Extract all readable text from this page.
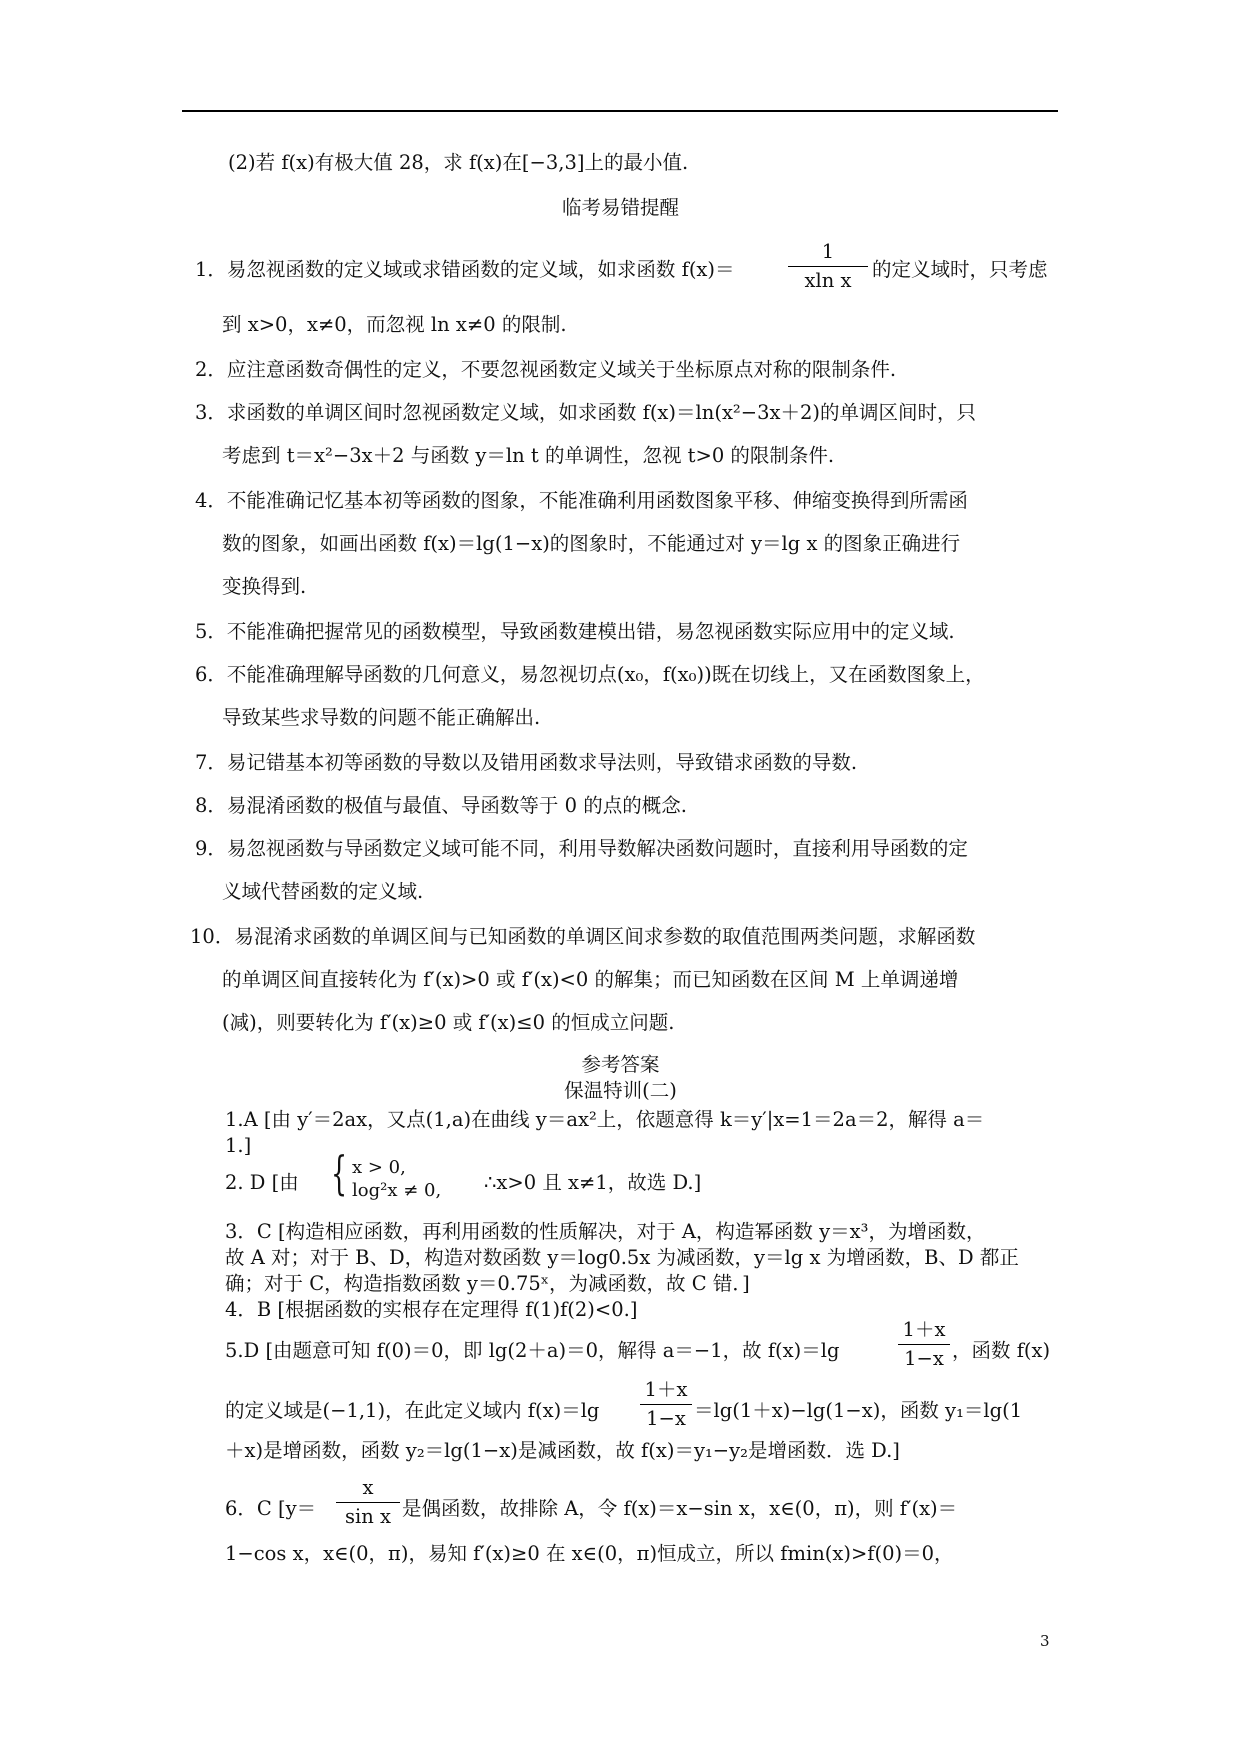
(2)若 f(x)有极大值 28，求 f(x)在[−3,3]上的最小值.
临考易错提醒
1．易忽视函数的定义域或求错函数的定义域，如求函数 f(x)＝
1
xln x	的定义域时，只考虑
到 x>0，x≠0，而忽视 ln x≠0 的限制.
2．应注意函数奇偶性的定义，不要忽视函数定义域关于坐标原点对称的限制条件.
3．求函数的单调区间时忽视函数定义域，如求函数 f(x)＝ln(x²−3x＋2)的单调区间时，只
考虑到 t＝x²−3x＋2 与函数 y＝ln t 的单调性，忽视 t>0 的限制条件.
4．不能准确记忆基本初等函数的图象，不能准确利用函数图象平移、伸缩变换得到所需函
数的图象，如画出函数 f(x)＝lg(1−x)的图象时，不能通过对 y＝lg x 的图象正确进行
变换得到.
5．不能准确把握常见的函数模型，导致函数建模出错，易忽视函数实际应用中的定义域.
6．不能准确理解导函数的几何意义，易忽视切点(x₀，f(x₀))既在切线上，又在函数图象上，
导致某些求导数的问题不能正确解出.
7．易记错基本初等函数的导数以及错用函数求导法则，导致错求函数的导数.
8．易混淆函数的极值与最值、导函数等于 0 的点的概念.
9．易忽视函数与导函数定义域可能不同，利用导数解决函数问题时，直接利用导函数的定
义域代替函数的定义域.
10．易混淆求函数的单调区间与已知函数的单调区间求参数的取值范围两类问题，求解函数
的单调区间直接转化为 f′(x)>0 或 f′(x)<0 的解集；而已知函数在区间 M 上单调递增
(减)，则要转化为 f′(x)≥0 或 f′(x)≤0 的恒成立问题.
参考答案
保温特训(二)
1.A [由 y′＝2ax，又点(1,a)在曲线 y＝ax²上，依题意得 k＝y′|x=1＝2a＝2，解得 a＝
1.]
2. D [由 { x > 0,
log²x ≠ 0, ∴x>0 且 x≠1，故选 D.]
3．C [构造相应函数，再利用函数的性质解决，对于 A，构造幂函数 y＝x³，为增函数，
故 A 对；对于 B、D，构造对数函数 y＝log0.5x 为减函数，y＝lg x 为增函数，B、D 都正
确；对于 C，构造指数函数 y＝0.75ˣ，为减函数，故 C 错．]
4．B [根据函数的实根存在定理得 f(1)f(2)<0.]
5.D [由题意可知 f(0)＝0，即 lg(2＋a)＝0，解得 a＝−1，故 f(x)＝lg
1＋x
1−x ，函数 f(x)
的定义域是(−1,1)，在此定义域内 f(x)＝lg
1＋x
1−x ＝lg(1＋x)−lg(1−x)，函数 y₁＝lg(1
＋x)是增函数，函数 y₂＝lg(1−x)是减函数，故 f(x)＝y₁−y₂是增函数．选 D.]
6．C [y＝
x
sin x 是偶函数，故排除 A，令 f(x)＝x−sin x，x∈(0，π)，则 f′(x)＝
1−cos x，x∈(0，π)，易知 f′(x)≥0 在 x∈(0，π)恒成立，所以 fmin(x)>f(0)＝0，
3
